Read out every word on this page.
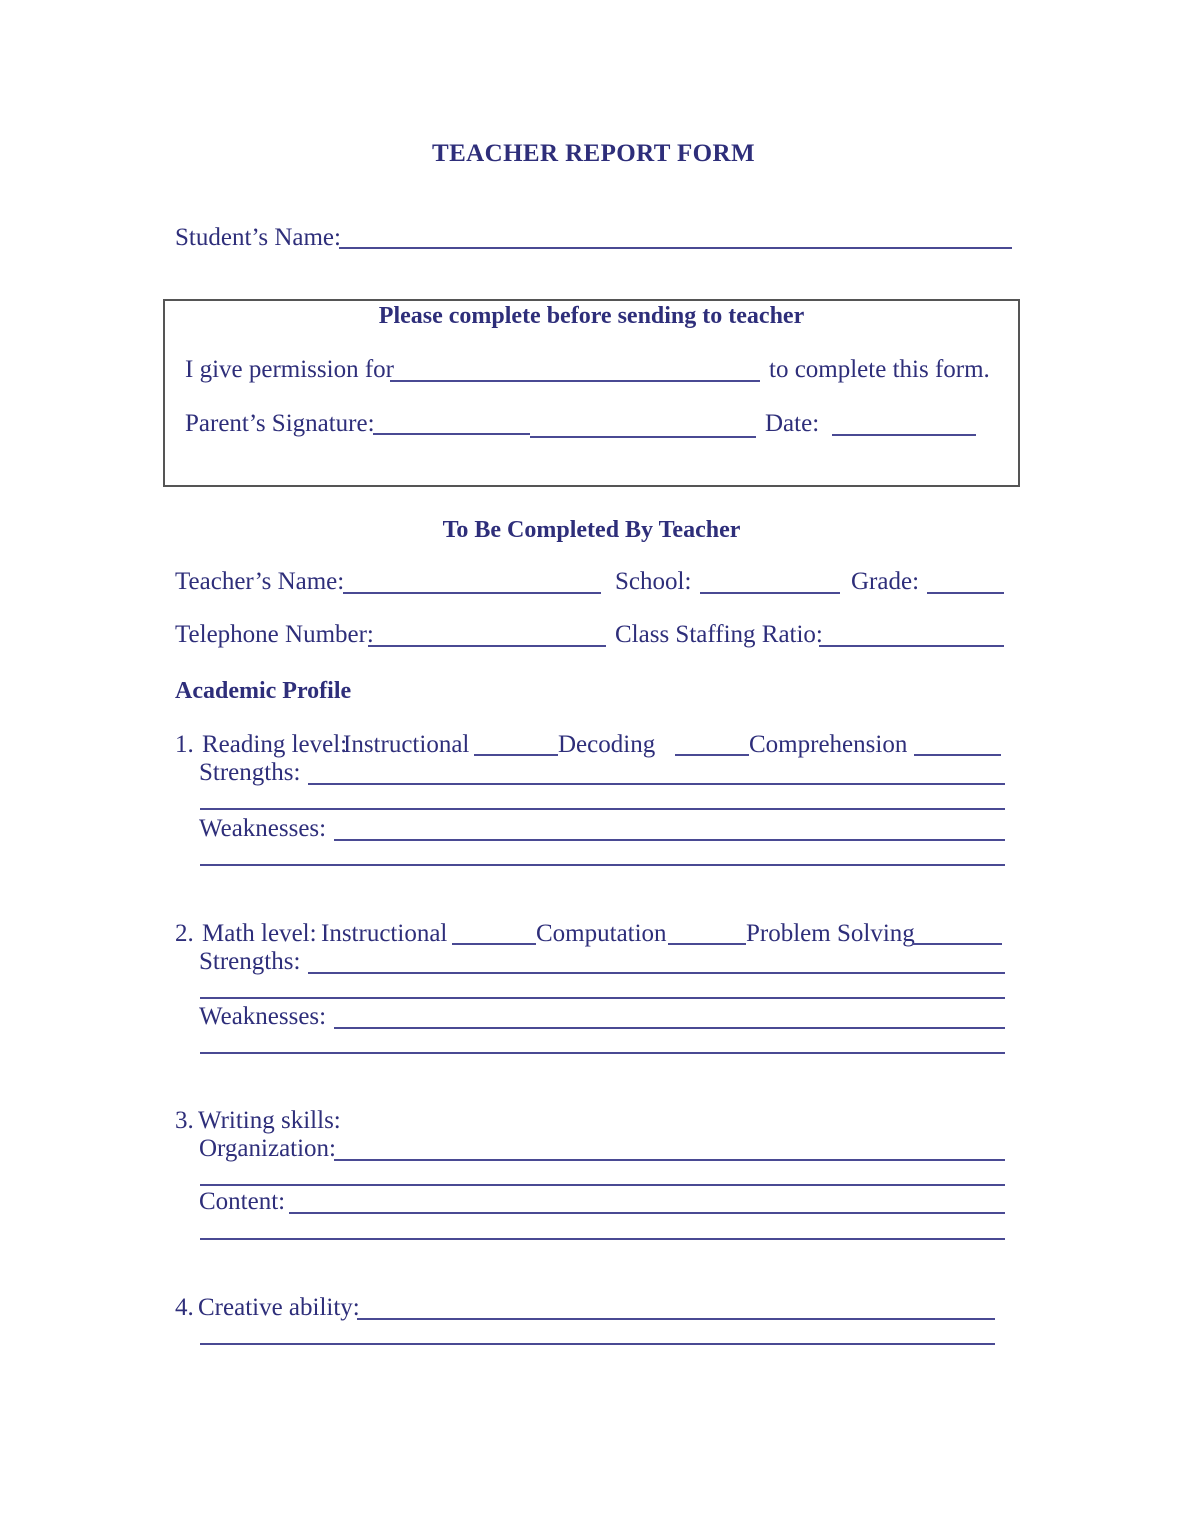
TEACHER REPORT FORM
Student’s Name:
Please complete before sending to teacher
I give permission for	to complete this form.
Parent’s Signature:	Date:
To Be Completed By Teacher
Teacher’s Name:	School:	Grade:
Telephone Number:	Class Staffing Ratio:
Academic Profile
1. Reading level:
Instructional	Decoding	Comprehension
Strengths:
Weaknesses:
2. Math level: Instructional	Computation	Problem Solving
Strengths:
Weaknesses:
3. Writing skills:
Organization:
Content:
4. Creative ability:
